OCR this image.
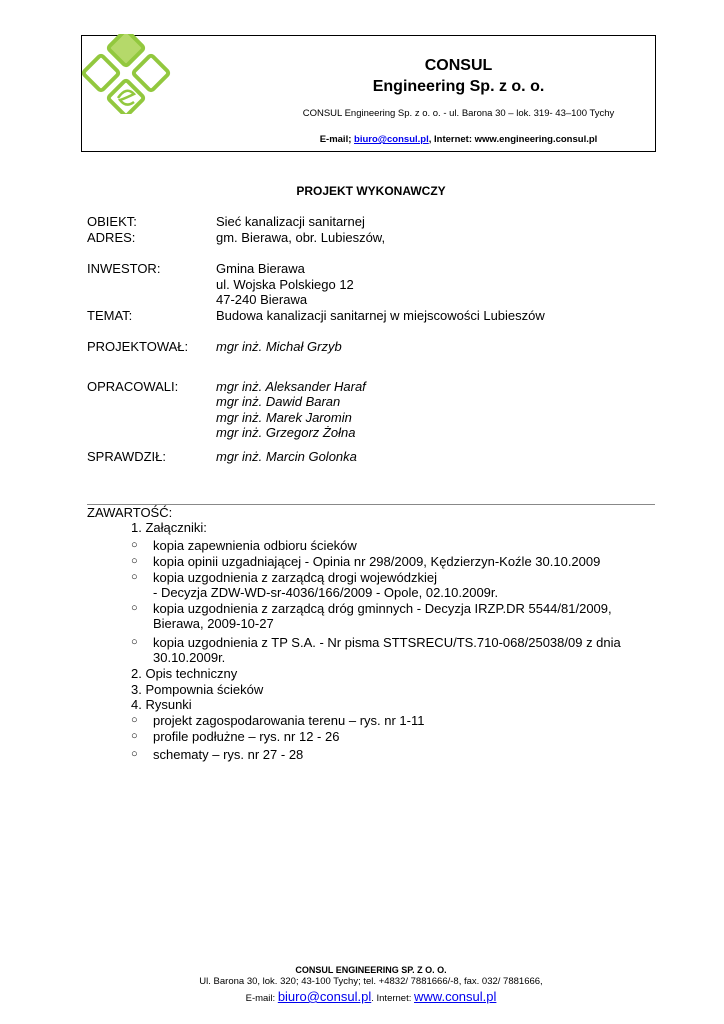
CONSUL
Engineering Sp. z o. o.
CONSUL Engineering Sp. z o. o. - ul. Barona 30 – lok. 319- 43–100 Tychy
E-mail; biuro@consul.pl, Internet: www.engineering.consul.pl
PROJEKT WYKONAWCZY
OBIEKT:	Sieć kanalizacji sanitarnej
ADRES:	gm. Bierawa, obr. Lubieszów,
INWESTOR:	Gmina Bierawa
ul. Wojska Polskiego 12
47-240 Bierawa
TEMAT:	Budowa kanalizacji sanitarnej w miejscowości Lubieszów
PROJEKTOWAŁ: mgr inż. Michał Grzyb
OPRACOWALI:	mgr inż. Aleksander Haraf
mgr inż. Dawid Baran
mgr inż. Marek Jaromin
mgr inż. Grzegorz Żołna
SPRAWDZIŁ:	mgr inż. Marcin Golonka
ZAWARTOŚĆ:
1. Załączniki:
○ kopia zapewnienia odbioru ścieków
○ kopia opinii uzgadniającej - Opinia nr 298/2009, Kędzierzyn-Koźle 30.10.2009
○ kopia uzgodnienia z zarządcą drogi wojewódzkiej
- Decyzja ZDW-WD-sr-4036/166/2009 - Opole, 02.10.2009r.
○ kopia uzgodnienia z zarządcą dróg gminnych - Decyzja IRZP.DR 5544/81/2009,
Bierawa, 2009-10-27
○ kopia uzgodnienia z TP S.A. - Nr pisma STTSRECU/TS.710-068/25038/09 z dnia
30.10.2009r.
2. Opis techniczny
3. Pompownia ścieków
4. Rysunki
○ projekt zagospodarowania terenu – rys. nr 1-11
○ profile podłużne – rys. nr 12 - 26
○ schematy – rys. nr 27 - 28
CONSUL ENGINEERING SP. Z O. O.
Ul. Barona 30, lok. 320; 43-100 Tychy; tel. +4832/ 7881666/-8, fax. 032/ 7881666,
E-mail: biuro@consul.pl. Internet: www.consul.pl
